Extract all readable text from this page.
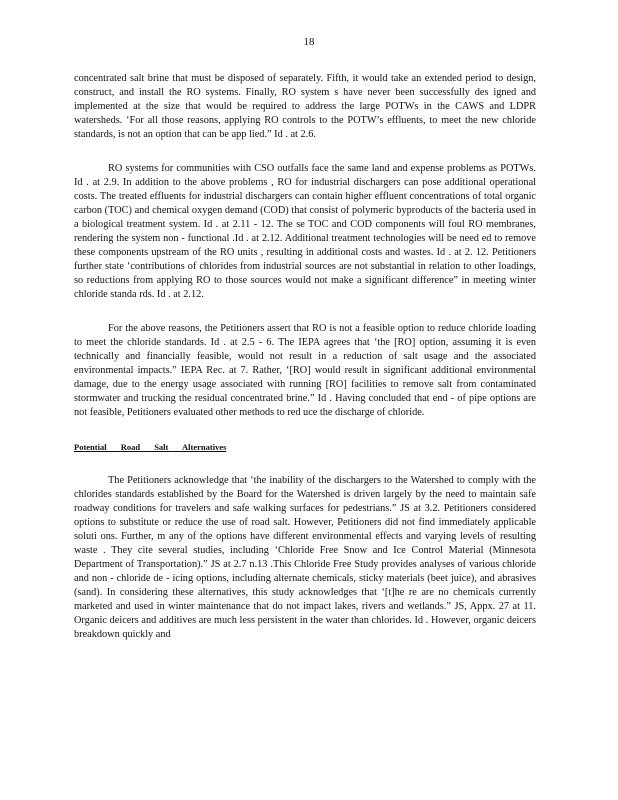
18

concentrated salt brine that must be disposed of separately. Fifth, it would take an extended period to design, construct, and install the RO systems. Finally, RO system s have never been successfully des igned and implemented at the size that would be required to address the large POTWs in the CAWS and LDPR watersheds. ‘For all those reasons, applying RO controls to the POTW’s effluents, to meet the new chloride standards, is not an option that can be app lied.” Id . at 2.6.

RO systems for communities with CSO outfalls face the same land and expense problems as POTWs. Id . at 2.9. In addition to the above problems , RO for industrial dischargers can pose additional operational costs. The treated effluents for industrial dischargers can contain higher effluent concentrations of total organic carbon (TOC) and chemical oxygen demand (COD) that consist of polymeric byproducts of the bacteria used in a biological treatment system. Id . at 2.11 - 12. The se TOC and COD components will foul RO membranes, rendering the system non - functional .Id . at 2.12. Additional treatment technologies will be need ed to remove these components upstream of the RO units , resulting in additional costs and wastes. Id . at 2. 12. Petitioners further state ‘contributions of chlorides from industrial sources are not substantial in relation to other loadings, so reductions from applying RO to those sources would not make a significant difference” in meeting winter chloride standa rds. Id . at 2.12.

For the above reasons, the Petitioners assert that RO is not a feasible option to reduce chloride loading to meet the chloride standards. Id . at 2.5 - 6. The IEPA agrees that ‘the [RO] option, assuming it is even technically and financially feasible, would not result in a reduction of salt usage and the associated environmental impacts.” IEPA Rec. at 7. Rather, ‘[RO] would result in significant additional environmental damage, due to the energy usage associated with running [RO] facilities to remove salt from contaminated stormwater and trucking the residual concentrated brine.” Id . Having concluded that end - of pipe options are not feasible, Petitioners evaluated other methods to red uce the discharge of chloride.

Potential Road Salt Alternatives

The Petitioners acknowledge that ‘the inability of the dischargers to the Watershed to comply with the chlorides standards established by the Board for the Watershed is driven largely by the need to maintain safe roadway conditions for travelers and safe walking surfaces for pedestrians.” JS at 3.2. Petitioners considered options to substitute or reduce the use of road salt. However, Petitioners did not find immediately applicable soluti ons. Further, m any of the options have different environmental effects and varying levels of resulting waste . They cite several studies, including ‘Chloride Free Snow and Ice Control Material (Minnesota Department of Transportation).” JS at 2.7 n.13 .This Chloride Free Study provides analyses of various chloride and non - chloride de - icing options, including alternate chemicals, sticky materials (beet juice), and abrasives (sand). In considering these alternatives, this study acknowledges that ‘[t]he re are no chemicals currently marketed and used in winter maintenance that do not impact lakes, rivers and wetlands.” JS, Appx. 27 at 11. Organic deicers and additives are much less persistent in the water than chlorides. Id . However, organic deicers breakdown quickly and
